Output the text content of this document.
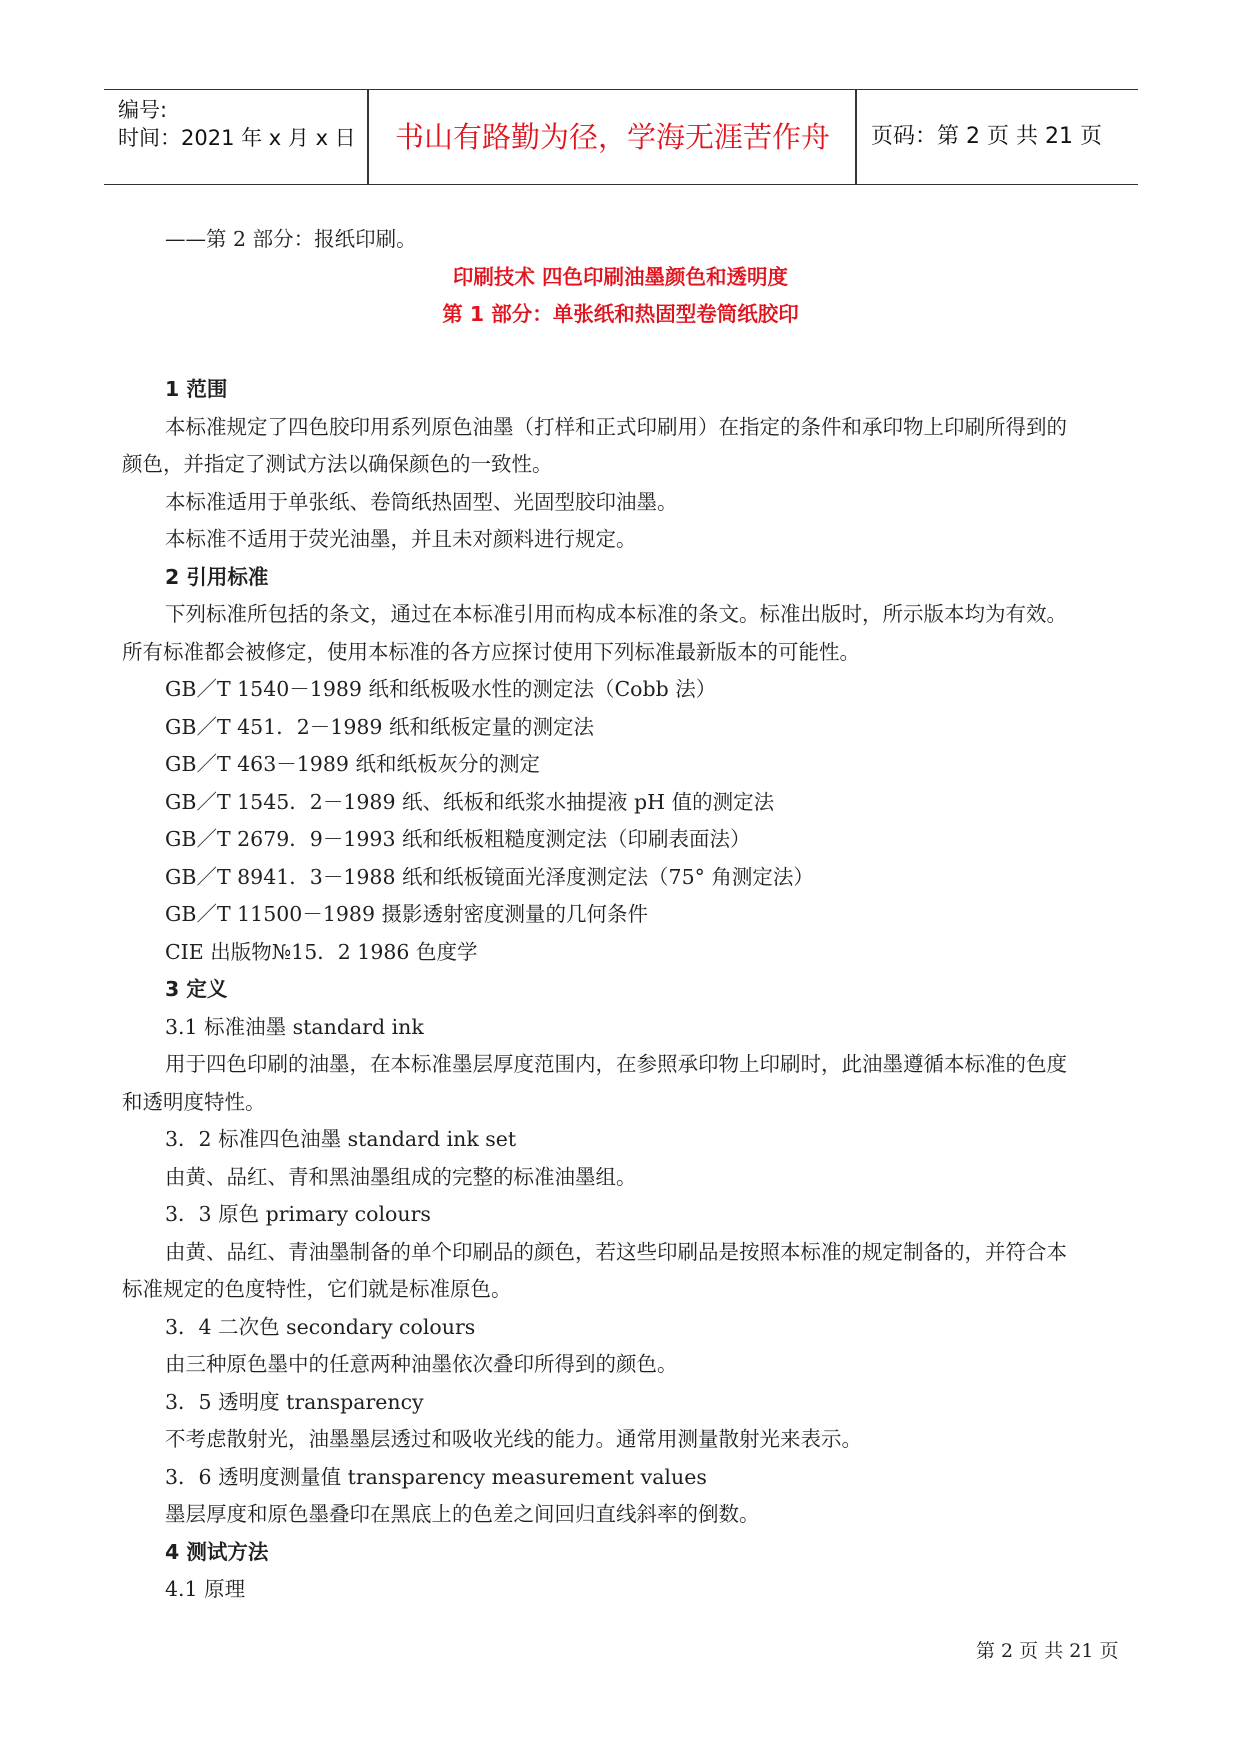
编号:
时间：2021 年 x 月 x 日	书山有路勤为径，学海无涯苦作舟	页码：第 2 页 共 21 页
——第 2 部分：报纸印刷。
印刷技术 四色印刷油墨颜色和透明度
第 1 部分：单张纸和热固型卷筒纸胶印
1 范围
本标准规定了四色胶印用系列原色油墨（打样和正式印刷用）在指定的条件和承印物上印刷所得到的
颜色，并指定了测试方法以确保颜色的一致性。
本标准适用于单张纸、卷筒纸热固型、光固型胶印油墨。
本标准不适用于荧光油墨，并且未对颜料进行规定。
2 引用标准
下列标准所包括的条文，通过在本标准引用而构成本标准的条文。标准出版时，所示版本均为有效。
所有标准都会被修定，使用本标准的各方应探讨使用下列标准最新版本的可能性。
GB／T 1540－1989 纸和纸板吸水性的测定法（Cobb 法）
GB／T 451．2－1989 纸和纸板定量的测定法
GB／T 463－1989 纸和纸板灰分的测定
GB／T 1545．2－1989 纸、纸板和纸浆水抽提液 pH 值的测定法
GB／T 2679．9－1993 纸和纸板粗糙度测定法（印刷表面法）
GB／T 8941．3－1988 纸和纸板镜面光泽度测定法（75° 角测定法）
GB／T 11500－1989 摄影透射密度测量的几何条件
CIE 出版物№15．2 1986 色度学
3 定义
3.1 标准油墨 standard ink
用于四色印刷的油墨，在本标准墨层厚度范围内，在参照承印物上印刷时，此油墨遵循本标准的色度
和透明度特性。
3．2 标准四色油墨 standard ink set
由黄、品红、青和黑油墨组成的完整的标准油墨组。
3．3 原色 primary colours
由黄、品红、青油墨制备的单个印刷品的颜色，若这些印刷品是按照本标准的规定制备的，并符合本
标准规定的色度特性，它们就是标准原色。
3．4 二次色 secondary colours
由三种原色墨中的任意两种油墨依次叠印所得到的颜色。
3．5 透明度 transparency
不考虑散射光，油墨墨层透过和吸收光线的能力。通常用测量散射光来表示。
3．6 透明度测量值 transparency measurement values
墨层厚度和原色墨叠印在黑底上的色差之间回归直线斜率的倒数。
4 测试方法
4.1 原理
第 2 页 共 21 页
